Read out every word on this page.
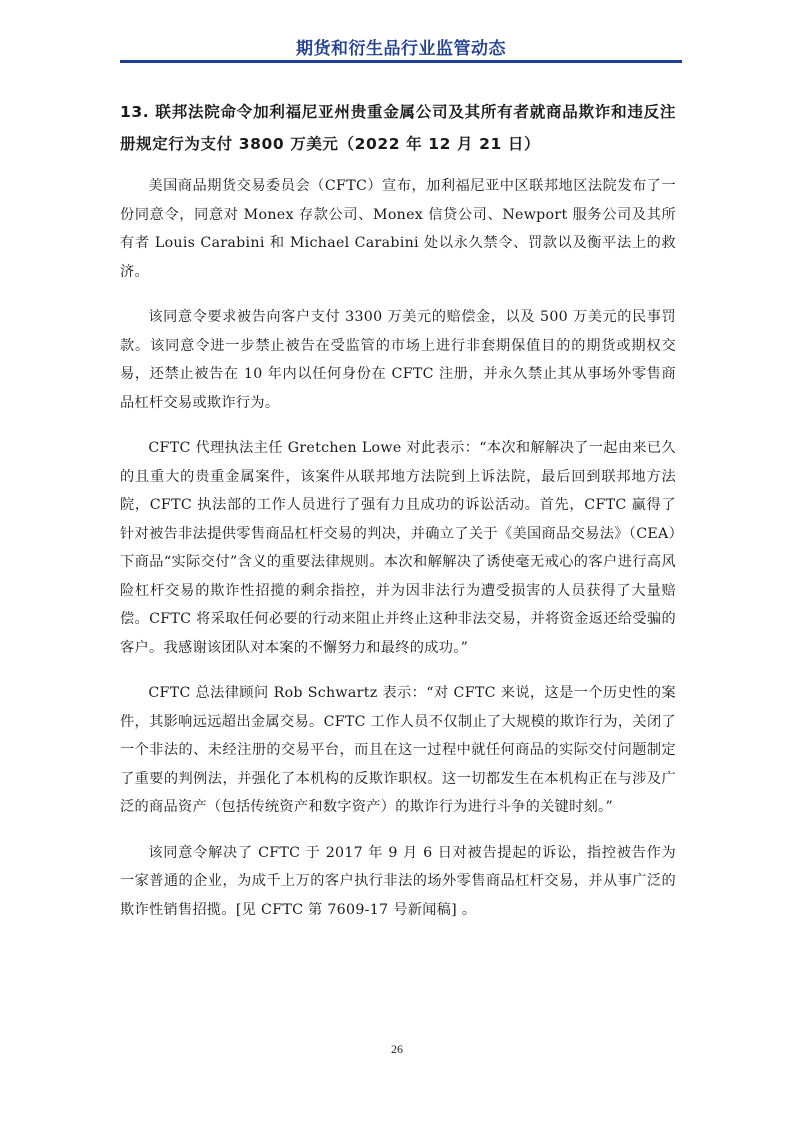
期货和衍生品行业监管动态
13. 联邦法院命令加利福尼亚州贵重金属公司及其所有者就商品欺诈和违反注册规定行为支付 3800 万美元（2022 年 12 月 21 日）

美国商品期货交易委员会（CFTC）宣布，加利福尼亚中区联邦地区法院发布了一份同意令，同意对 Monex 存款公司、Monex 信贷公司、Newport 服务公司及其所有者 Louis Carabini 和 Michael Carabini 处以永久禁令、罚款以及衡平法上的救济。

该同意令要求被告向客户支付 3300 万美元的赔偿金，以及 500 万美元的民事罚款。该同意令进一步禁止被告在受监管的市场上进行非套期保值目的的期货或期权交易，还禁止被告在 10 年内以任何身份在 CFTC 注册，并永久禁止其从事场外零售商品杠杆交易或欺诈行为。

CFTC 代理执法主任 Gretchen Lowe 对此表示：“本次和解解决了一起由来已久的且重大的贵重金属案件，该案件从联邦地方法院到上诉法院，最后回到联邦地方法院，CFTC 执法部的工作人员进行了强有力且成功的诉讼活动。首先，CFTC 赢得了针对被告非法提供零售商品杠杆交易的判决，并确立了关于《美国商品交易法》（CEA）下商品“实际交付”含义的重要法律规则。本次和解解决了诱使毫无戒心的客户进行高风险杠杆交易的欺诈性招揽的剩余指控，并为因非法行为遭受损害的人员获得了大量赔偿。CFTC 将采取任何必要的行动来阻止并终止这种非法交易，并将资金返还给受骗的客户。我感谢该团队对本案的不懈努力和最终的成功。”

CFTC 总法律顾问 Rob Schwartz 表示：“对 CFTC 来说，这是一个历史性的案件，其影响远远超出金属交易。CFTC 工作人员不仅制止了大规模的欺诈行为，关闭了一个非法的、未经注册的交易平台，而且在这一过程中就任何商品的实际交付问题制定了重要的判例法，并强化了本机构的反欺诈职权。这一切都发生在本机构正在与涉及广泛的商品资产（包括传统资产和数字资产）的欺诈行为进行斗争的关键时刻。”

该同意令解决了 CFTC 于 2017 年 9 月 6 日对被告提起的诉讼，指控被告作为一家普通的企业，为成千上万的客户执行非法的场外零售商品杠杆交易，并从事广泛的欺诈性销售招揽。[见 CFTC 第 7609-17 号新闻稿] 。

26
